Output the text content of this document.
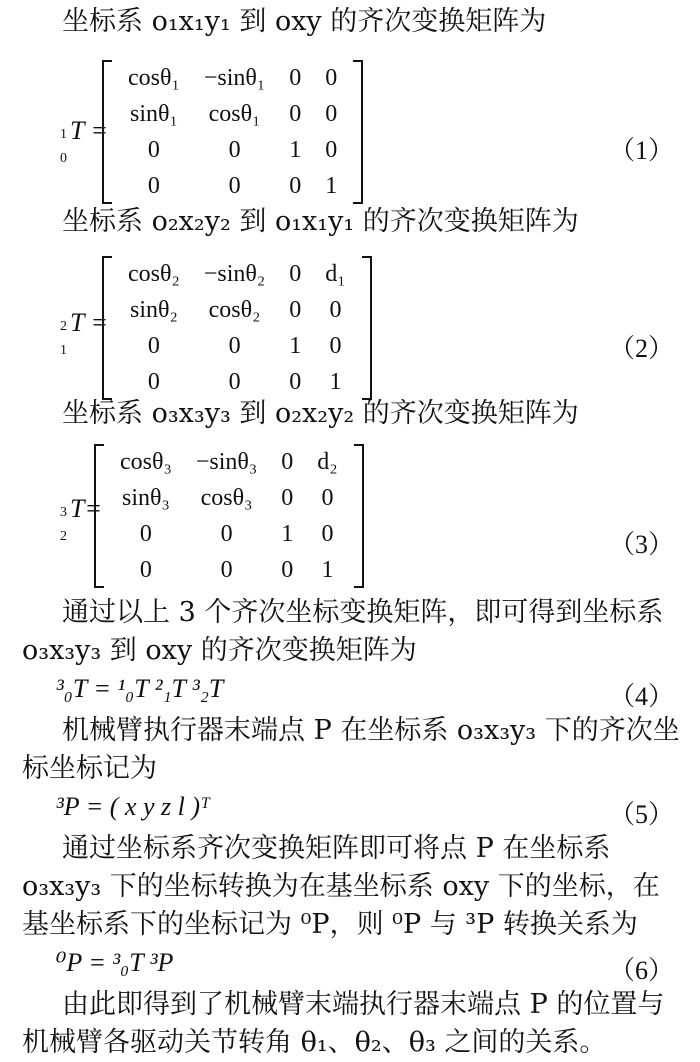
坐标系 o₁x₁y₁ 到 oxy 的齐次变换矩阵为
1
0
T =
cosθ₁	−sinθ₁	0	0
sinθ₁	cosθ₁	0	0
0	0	1	0
0	0	0	1
（1）
坐标系 o₂x₂y₂ 到 o₁x₁y₁ 的齐次变换矩阵为
2
1
T =
cosθ₂	−sinθ₂	0	d₁
sinθ₂	cosθ₂	0	0
0	0	1	0
0	0	0	1
（2）
坐标系 o₃x₃y₃ 到 o₂x₂y₂ 的齐次变换矩阵为
3
2
T=
cosθ₃	−sinθ₃	0	d₂
sinθ₃	cosθ₃	0	0
0	0	1	0
0	0	0	1
（3）
通过以上 3 个齐次坐标变换矩阵，即可得到坐标系 o₃x₃y₃ 到 oxy 的齐次变换矩阵为
³₀T = ¹₀T ²₁T ³₂T	（4）
机械臂执行器末端点 P 在坐标系 o₃x₃y₃ 下的齐次坐标坐标记为
³P = ( x y z l )ᵀ	（5）
通过坐标系齐次变换矩阵即可将点 P 在坐标系 o₃x₃y₃ 下的坐标转换为在基坐标系 oxy 下的坐标，在基坐标系下的坐标记为 ⁰P，则 ⁰P 与 ³P 转换关系为
⁰P = ³₀T ³P	（6）
由此即得到了机械臂末端执行器末端点 P 的位置与机械臂各驱动关节转角 θ₁、θ₂、θ₃ 之间的关系。
